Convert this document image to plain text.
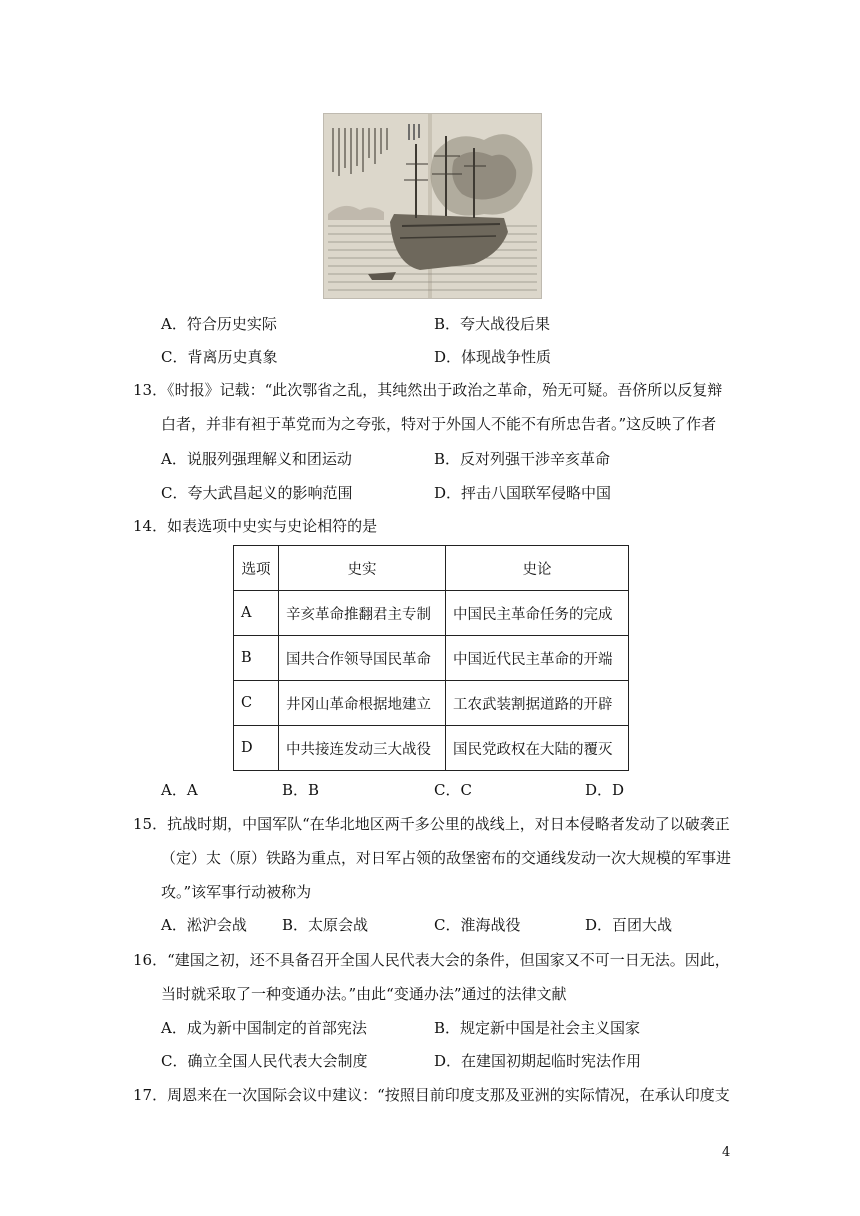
A．符合历史实际	B．夸大战役后果
C．背离历史真象	D．体现战争性质
13．《时报》记载：“此次鄂省之乱，其纯然出于政治之革命，殆无可疑。吾侪所以反复辩
白者，并非有袒于革党而为之夸张，特对于外国人不能不有所忠告者。”这反映了作者
A．说服列强理解义和团运动	B．反对列强干涉辛亥革命
C．夸大武昌起义的影响范围	D．抨击八国联军侵略中国
14．如表选项中史实与史论相符的是
选项	史实	史论
A	辛亥革命推翻君主专制	中国民主革命任务的完成
B	国共合作领导国民革命	中国近代民主革命的开端
C	井冈山革命根据地建立	工农武装割据道路的开辟
D	中共接连发动三大战役	国民党政权在大陆的覆灭
A．A	B．B	C．C	D．D
15．抗战时期，中国军队“在华北地区两千多公里的战线上，对日本侵略者发动了以破袭正
（定）太（原）铁路为重点，对日军占领的敌堡密布的交通线发动一次大规模的军事进
攻。”该军事行动被称为
A．淞沪会战 B．太原会战	C．淮海战役	D．百团大战
16．“建国之初，还不具备召开全国人民代表大会的条件，但国家又不可一日无法。因此，
当时就采取了一种变通办法。”由此“变通办法”通过的法律文献
A．成为新中国制定的首部宪法	B．规定新中国是社会主义国家
C．确立全国人民代表大会制度	D．在建国初期起临时宪法作用
17．周恩来在一次国际会议中建议：“按照目前印度支那及亚洲的实际情况，在承认印度支
4
